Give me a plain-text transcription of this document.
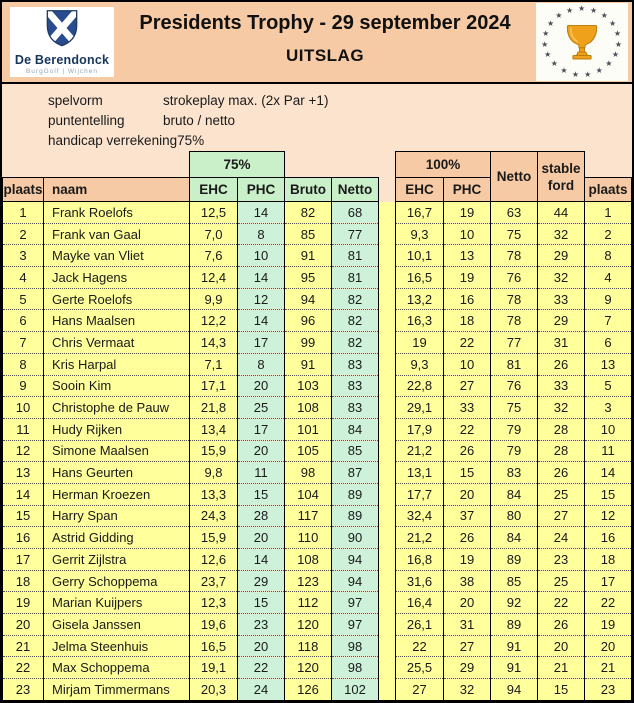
De Berendonck
BurgGolf | Wijchen
Presidents Trophy - 29 september 2024
UITSLAG
★ ★
★
★
★
★
★
★
★
★
★
★
★
★
★
★
★
★
★
spelvorm	strokeplay max. (2x Par +1)
puntentelling	bruto / netto
handicap verrekening 75%
		75%					100%		Netto	stable ford	
plaats	naam	EHC	PHC	Bruto	Netto		EHC	PHC			plaats
1	Frank Roelofs	12,5	14	82	68		16,7	19	63	44	1
2	Frank van Gaal	7,0	8	85	77		9,3	10	75	32	2
3	Mayke van Vliet	7,6	10	91	81		10,1	13	78	29	8
4	Jack Hagens	12,4	14	95	81		16,5	19	76	32	4
5	Gerte Roelofs	9,9	12	94	82		13,2	16	78	33	9
6	Hans Maalsen	12,2	14	96	82		16,3	18	78	29	7
7	Chris Vermaat	14,3	17	99	82		19	22	77	31	6
8	Kris Harpal	7,1	8	91	83		9,3	10	81	26	13
9	Sooin Kim	17,1	20	103	83		22,8	27	76	33	5
10	Christophe de Pauw	21,8	25	108	83		29,1	33	75	32	3
11	Hudy Rijken	13,4	17	101	84		17,9	22	79	28	10
12	Simone Maalsen	15,9	20	105	85		21,2	26	79	28	11
13	Hans Geurten	9,8	11	98	87		13,1	15	83	26	14
14	Herman Kroezen	13,3	15	104	89		17,7	20	84	25	15
15	Harry Span	24,3	28	117	89		32,4	37	80	27	12
16	Astrid Gidding	15,9	20	110	90		21,2	26	84	24	16
17	Gerrit Zijlstra	12,6	14	108	94		16,8	19	89	23	18
18	Gerry Schoppema	23,7	29	123	94		31,6	38	85	25	17
19	Marian Kuijpers	12,3	15	112	97		16,4	20	92	22	22
20	Gisela Janssen	19,6	23	120	97		26,1	31	89	26	19
21	Jelma Steenhuis	16,5	20	118	98		22	27	91	20	20
22	Max Schoppema	19,1	22	120	98		25,5	29	91	21	21
23	Mirjam Timmermans	20,3	24	126	102		27	32	94	15	23
